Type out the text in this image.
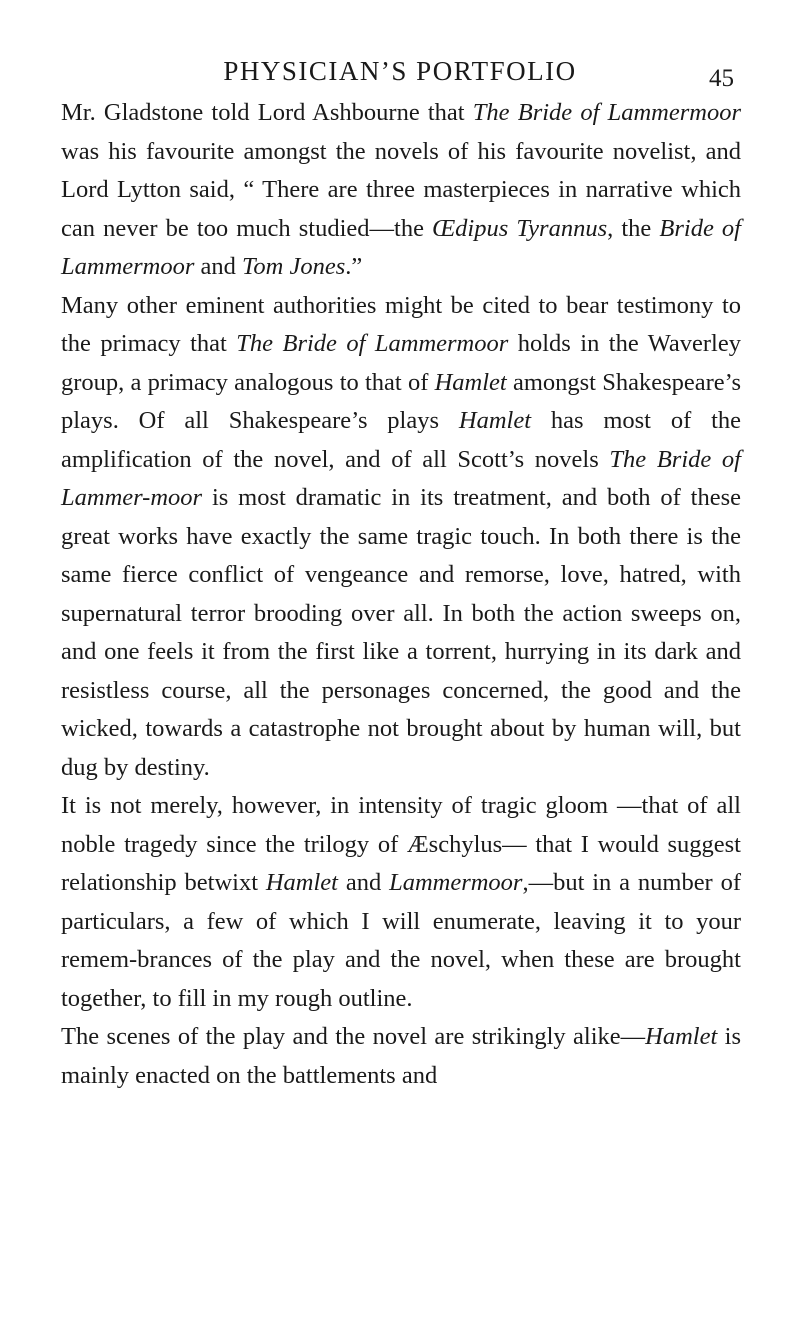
PHYSICIAN’S PORTFOLIO	45

Mr. Gladstone told Lord Ashbourne that The Bride of Lammermoor was his favourite amongst the novels of his favourite novelist, and Lord Lytton said, “ There are three masterpieces in narrative which can never be too much studied—the Œdipus Tyrannus, the Bride of Lammermoor and Tom Jones.”

Many other eminent authorities might be cited to bear testimony to the primacy that The Bride of Lammermoor holds in the Waverley group, a primacy analogous to that of Hamlet amongst Shakespeare’s plays. Of all Shakespeare’s plays Hamlet has most of the amplification of the novel, and of all Scott’s novels The Bride of Lammer-moor is most dramatic in its treatment, and both of these great works have exactly the same tragic touch. In both there is the same fierce conflict of vengeance and remorse, love, hatred, with supernatural terror brooding over all. In both the action sweeps on, and one feels it from the first like a torrent, hurrying in its dark and resistless course, all the personages concerned, the good and the wicked, towards a catastrophe not brought about by human will, but dug by destiny.

It is not merely, however, in intensity of tragic gloom —that of all noble tragedy since the trilogy of Æschylus— that I would suggest relationship betwixt Hamlet and Lammermoor,—but in a number of particulars, a few of which I will enumerate, leaving it to your remem-brances of the play and the novel, when these are brought together, to fill in my rough outline.

The scenes of the play and the novel are strikingly alike—Hamlet is mainly enacted on the battlements and
